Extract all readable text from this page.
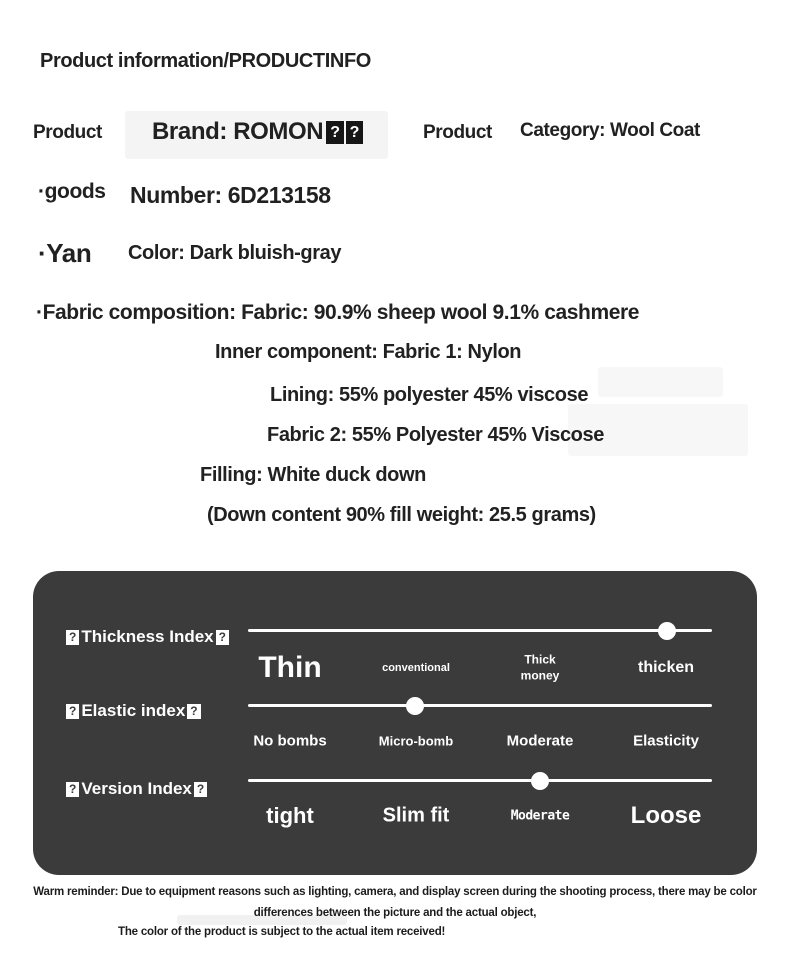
Product information/PRODUCTINFO
Product Brand: ROMON ? ?	Product Category: Wool Coat
·goods Number: 6D213158
·Yan Color: Dark bluish-gray
·Fabric composition: Fabric: 90.9% sheep wool 9.1% cashmere
Inner component: Fabric 1: Nylon
Lining: 55% polyester 45% viscose
Fabric 2: 55% Polyester 45% Viscose
Filling: White duck down
(Down content 90% fill weight: 25.5 grams)
? Thickness Index ?
Thin	conventional
Thick money	thicken
? Elastic index ?
No bombs	Micro-bomb	Moderate	Elasticity
? Version Index ?
tight	Slim fit	Moderate	Loose
Warm reminder: Due to equipment reasons such as lighting, camera, and display screen during the shooting process, there may be color differences between the picture and the actual object,
The color of the product is subject to the actual item received!
